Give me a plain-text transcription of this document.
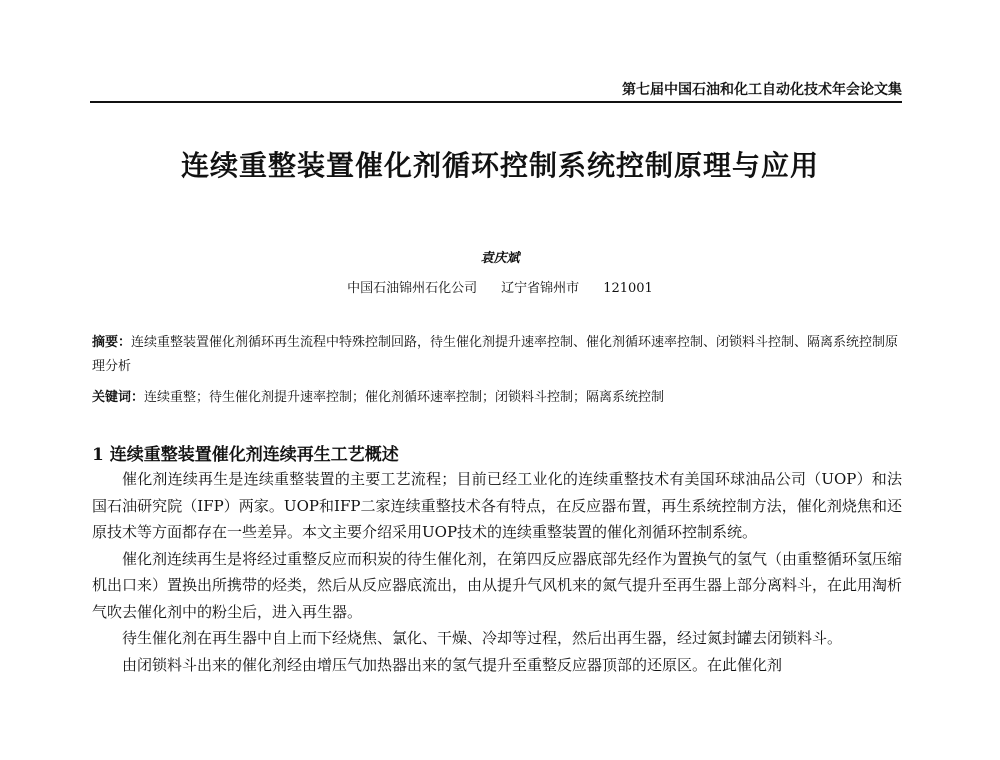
第七届中国石油和化工自动化技术年会论文集
连续重整装置催化剂循环控制系统控制原理与应用
袁庆斌
中国石油锦州石化公司 辽宁省锦州市 121001
摘要：连续重整装置催化剂循环再生流程中特殊控制回路，待生催化剂提升速率控制、催化剂循环速率控制、闭锁料斗控制、隔离系统控制原理分析
关键词：连续重整；待生催化剂提升速率控制；催化剂循环速率控制；闭锁料斗控制；隔离系统控制
1 连续重整装置催化剂连续再生工艺概述

催化剂连续再生是连续重整装置的主要工艺流程；目前已经工业化的连续重整技术有美国环球油品公司（UOP）和法国石油研究院（IFP）两家。UOP和IFP二家连续重整技术各有特点，在反应器布置，再生系统控制方法，催化剂烧焦和还原技术等方面都存在一些差异。本文主要介绍采用UOP技术的连续重整装置的催化剂循环控制系统。

催化剂连续再生是将经过重整反应而积炭的待生催化剂，在第四反应器底部先经作为置换气的氢气（由重整循环氢压缩机出口来）置换出所携带的烃类，然后从反应器底流出，由从提升气风机来的氮气提升至再生器上部分离料斗，在此用淘析气吹去催化剂中的粉尘后，进入再生器。

待生催化剂在再生器中自上而下经烧焦、氯化、干燥、冷却等过程，然后出再生器，经过氮封罐去闭锁料斗。

由闭锁料斗出来的催化剂经由增压气加热器出来的氢气提升至重整反应器顶部的还原区。在此催化剂
